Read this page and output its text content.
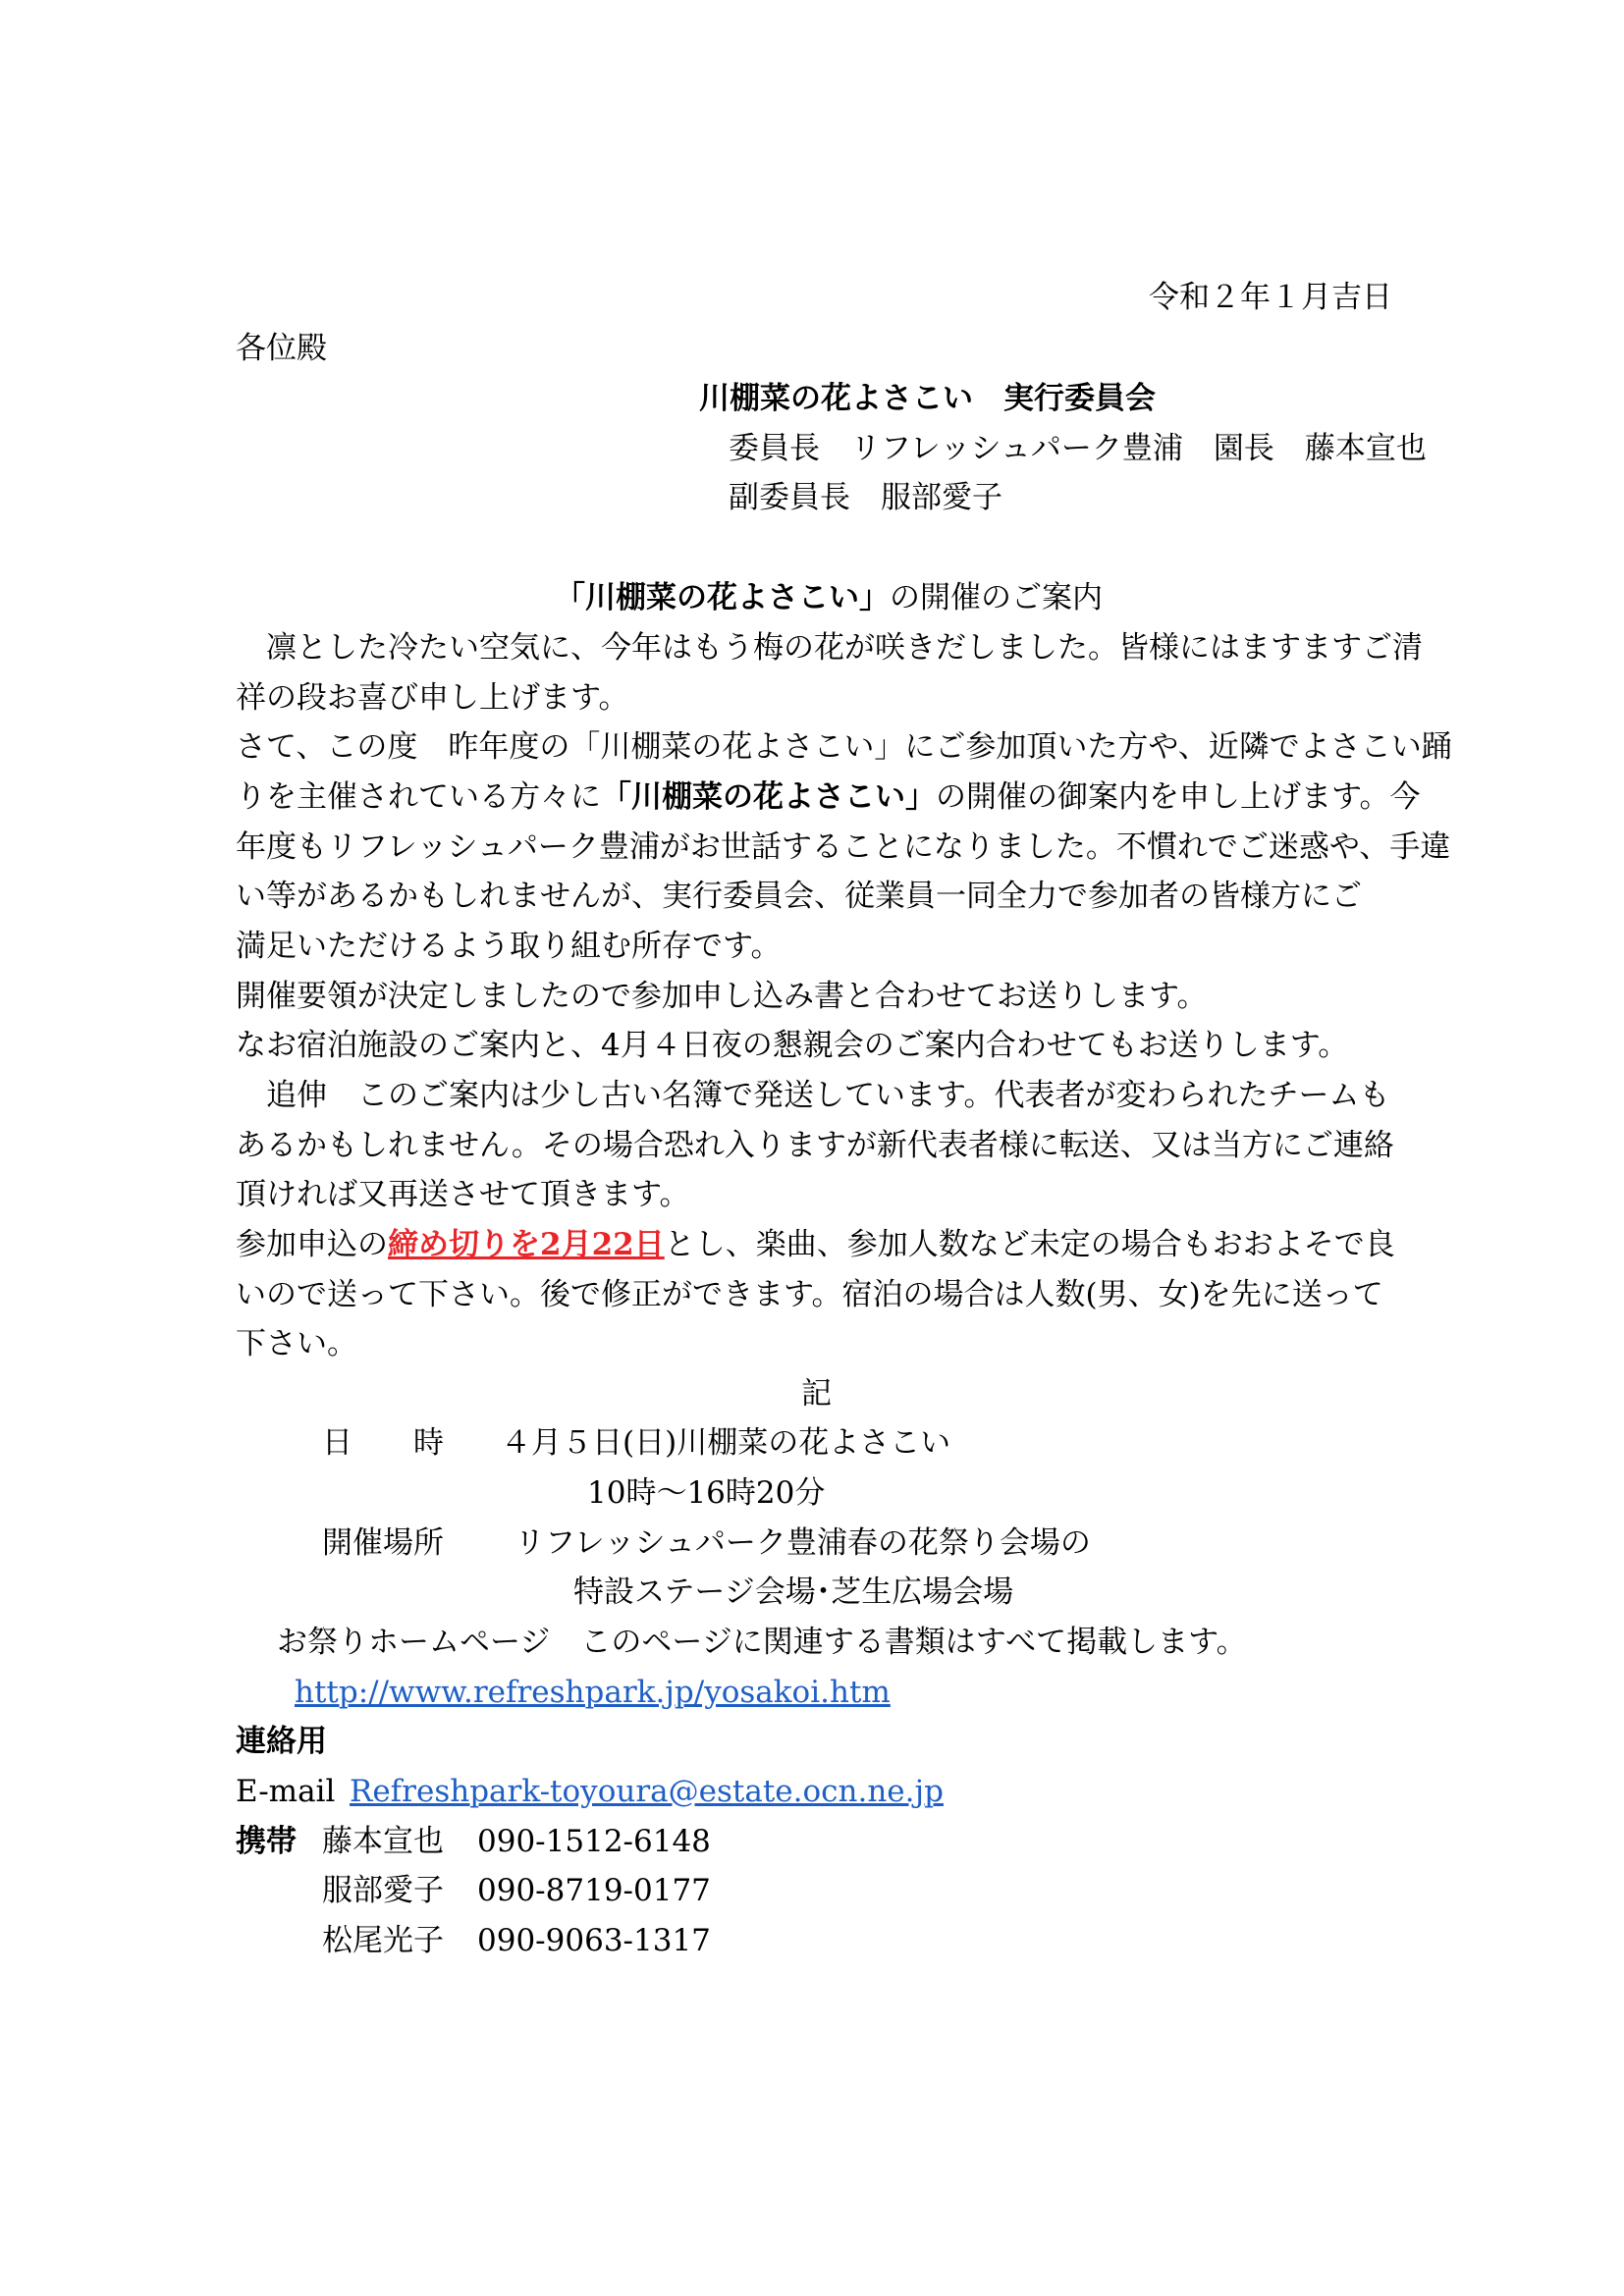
令和２年１月吉日
各位殿
川棚菜の花よさこい　実行委員会
委員長　リフレッシュパーク豊浦　園長　藤本宣也
副委員長　服部愛子
「川棚菜の花よさこい」の開催のご案内
　凛とした冷たい空気に、今年はもう梅の花が咲きだしました。皆様にはますますご清
祥の段お喜び申し上げます。
さて、この度　昨年度の「川棚菜の花よさこい」にご参加頂いた方や、近隣でよさこい踊
りを主催されている方々に「川棚菜の花よさこい」の開催の御案内を申し上げます。今
年度もリフレッシュパーク豊浦がお世話することになりました。不慣れでご迷惑や、手違
い等があるかもしれませんが、実行委員会、従業員一同全力で参加者の皆様方にご
満足いただけるよう取り組む所存です。
開催要領が決定しましたので参加申し込み書と合わせてお送りします。
なお宿泊施設のご案内と、4月４日夜の懇親会のご案内合わせてもお送りします。
　追伸　このご案内は少し古い名簿で発送しています。代表者が変わられたチームも
あるかもしれません。その場合恐れ入りますが新代表者様に転送、又は当方にご連絡
頂ければ又再送させて頂きます。
参加申込の締め切りを2月22日とし、楽曲、参加人数など未定の場合もおおよそで良
いので送って下さい。後で修正ができます。宿泊の場合は人数(男、女)を先に送って
下さい。
記
日　　時 ４月５日(日)川棚菜の花よさこい
10時～16時20分
開催場所 リフレッシュパーク豊浦春の花祭り会場の
特設ステージ会場･芝生広場会場
お祭りホームページ　このページに関連する書類はすべて掲載します。
http://www.refreshpark.jp/yosakoi.htm
連絡用
E-mail Refreshpark-toyoura@estate.ocn.ne.jp
携帯 藤本宣也 090-1512-6148
服部愛子 090-8719-0177
松尾光子 090-9063-1317
